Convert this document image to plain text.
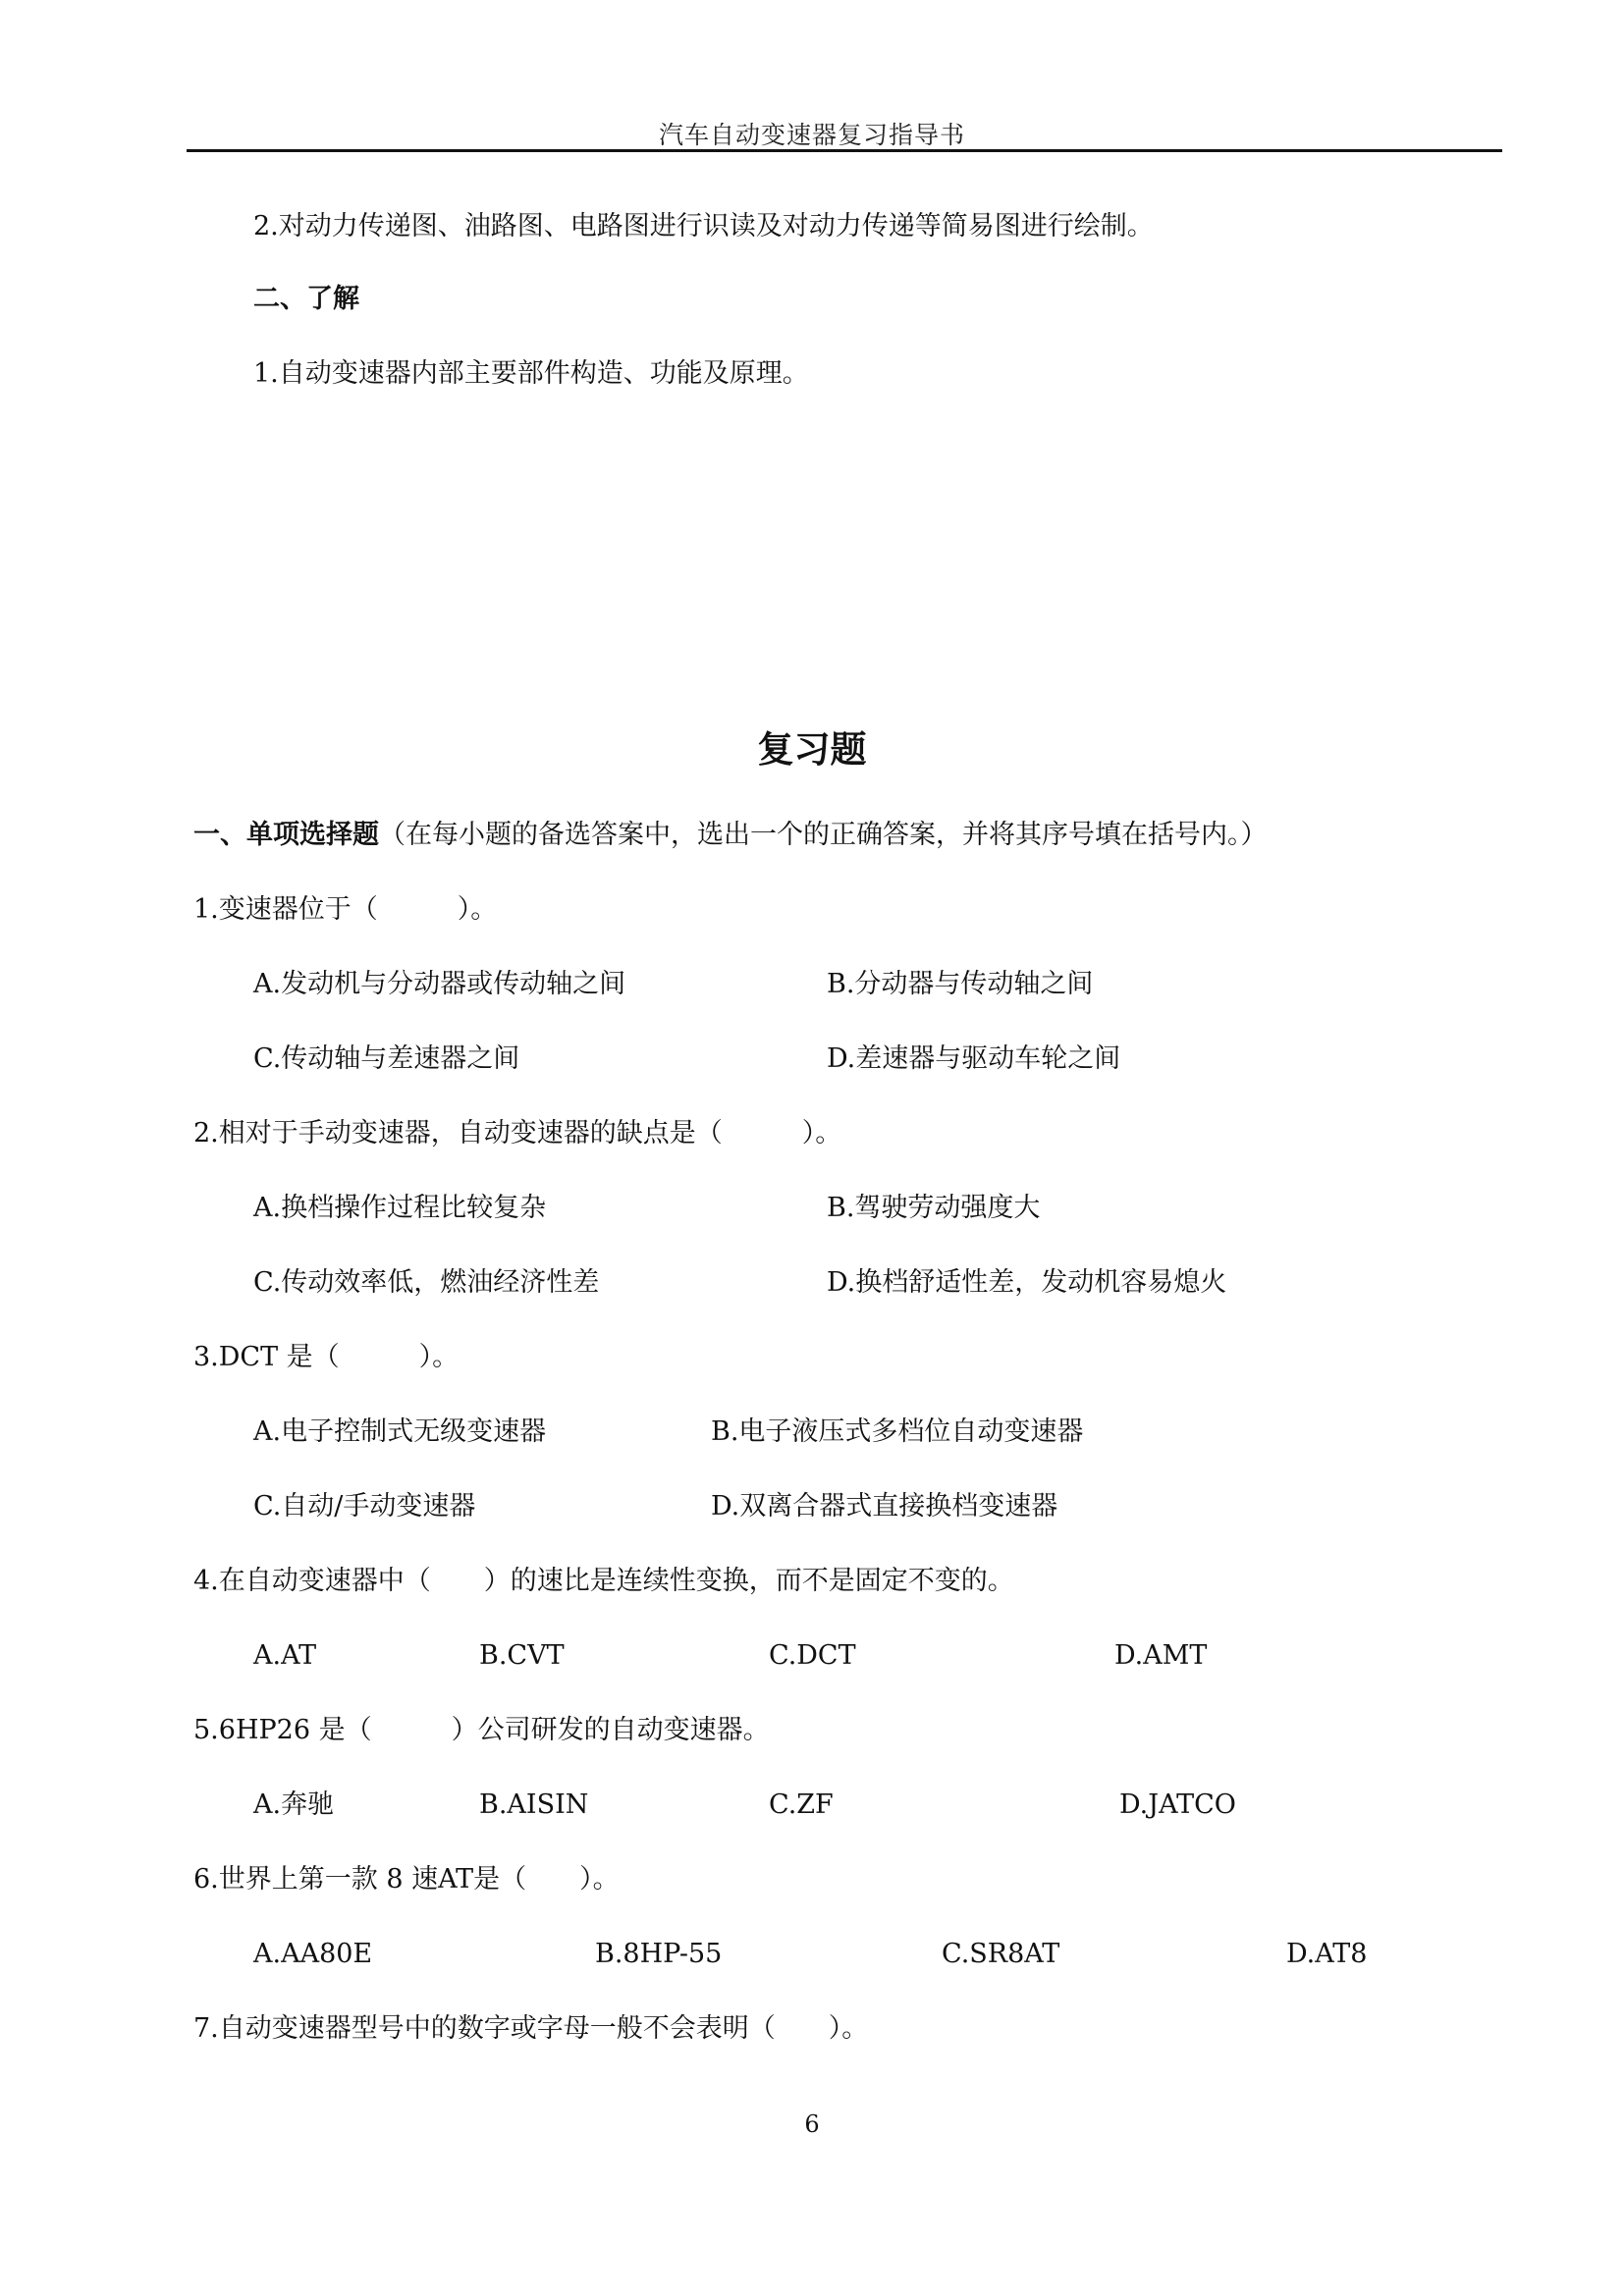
汽车自动变速器复习指导书
2.对动力传递图、油路图、电路图进行识读及对动力传递等简易图进行绘制。
二、了解
1.自动变速器内部主要部件构造、功能及原理。
复习题
一、单项选择题（在每小题的备选答案中，选出一个的正确答案，并将其序号填在括号内。）
1.变速器位于（　　　）。
A.发动机与分动器或传动轴之间	B.分动器与传动轴之间
C.传动轴与差速器之间	D.差速器与驱动车轮之间
2.相对于手动变速器，自动变速器的缺点是（　　　）。
A.换档操作过程比较复杂	B.驾驶劳动强度大
C.传动效率低，燃油经济性差	D.换档舒适性差，发动机容易熄火
3.DCT 是（　　　）。
A.电子控制式无级变速器	B.电子液压式多档位自动变速器
C.自动/手动变速器	D.双离合器式直接换档变速器
4.在自动变速器中（　　）的速比是连续性变换，而不是固定不变的。
A.AT	B.CVT	C.DCT	D.AMT
5.6HP26 是（　　　）公司研发的自动变速器。
A.奔驰	B.AISIN	C.ZF	D.JATCO
6.世界上第一款 8 速AT是（　　）。
A.AA80E	B.8HP-55	C.SR8AT	D.AT8
7.自动变速器型号中的数字或字母一般不会表明（　　）。
6
